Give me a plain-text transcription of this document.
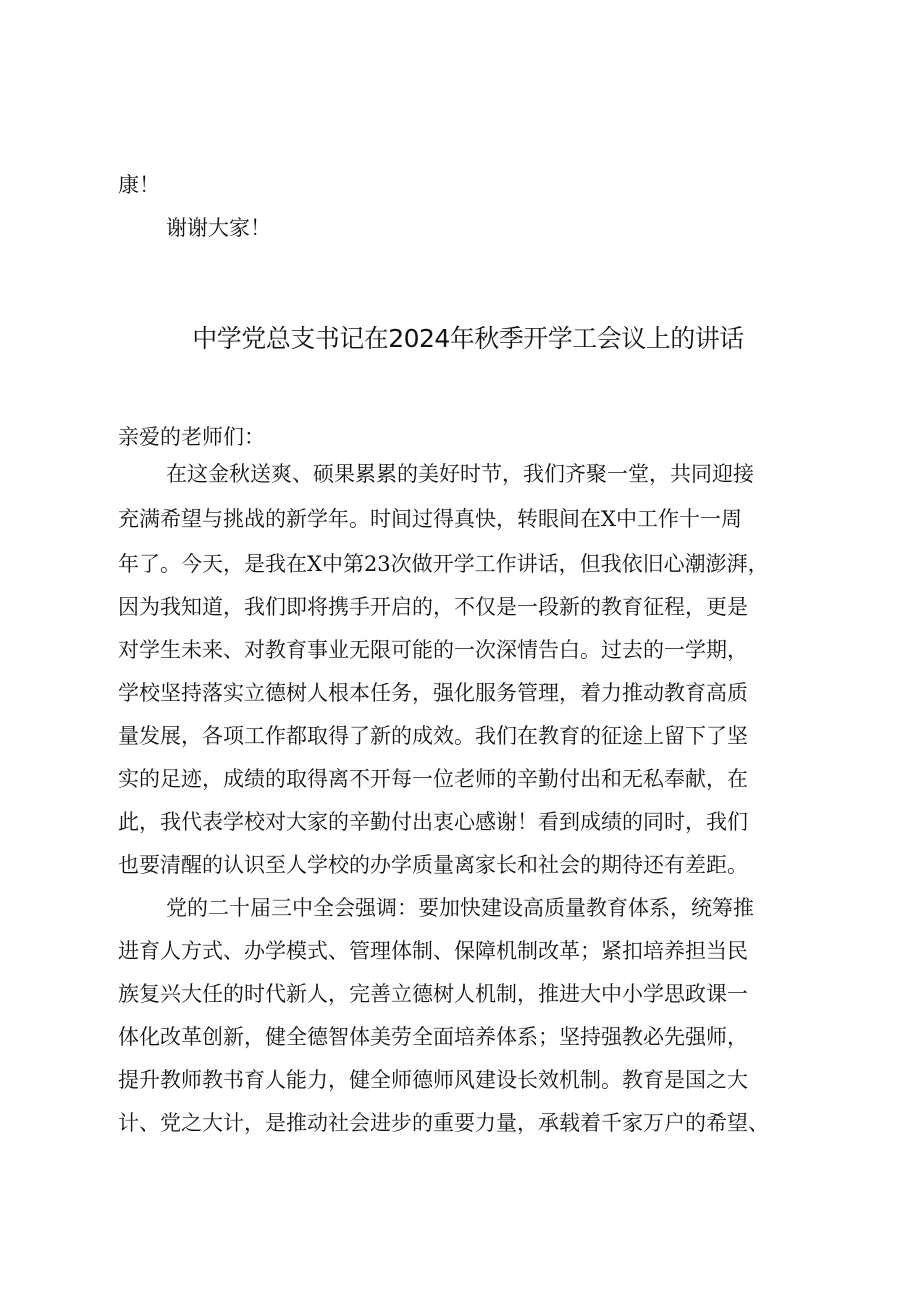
康！
谢谢大家！
中学党总支书记在2024年秋季开学工会议上的讲话
亲爱的老师们：
在这金秋送爽、硕果累累的美好时节，我们齐聚一堂，共同迎接
充满希望与挑战的新学年。时间过得真快，转眼间在X中工作十一周
年了。今天，是我在X中第23次做开学工作讲话，但我依旧心潮澎湃，
因为我知道，我们即将携手开启的，不仅是一段新的教育征程，更是
对学生未来、对教育事业无限可能的一次深情告白。过去的一学期，
学校坚持落实立德树人根本任务，强化服务管理，着力推动教育高质
量发展，各项工作都取得了新的成效。我们在教育的征途上留下了坚
实的足迹，成绩的取得离不开每一位老师的辛勤付出和无私奉献，在
此，我代表学校对大家的辛勤付出衷心感谢！看到成绩的同时，我们
也要清醒的认识至人学校的办学质量离家长和社会的期待还有差距。
党的二十届三中全会强调：要加快建设高质量教育体系，统筹推
进育人方式、办学模式、管理体制、保障机制改革；紧扣培养担当民
族复兴大任的时代新人，完善立德树人机制，推进大中小学思政课一
体化改革创新，健全德智体美劳全面培养体系；坚持强教必先强师，
提升教师教书育人能力，健全师德师风建设长效机制。教育是国之大
计、党之大计，是推动社会进步的重要力量，承载着千家万户的希望、
